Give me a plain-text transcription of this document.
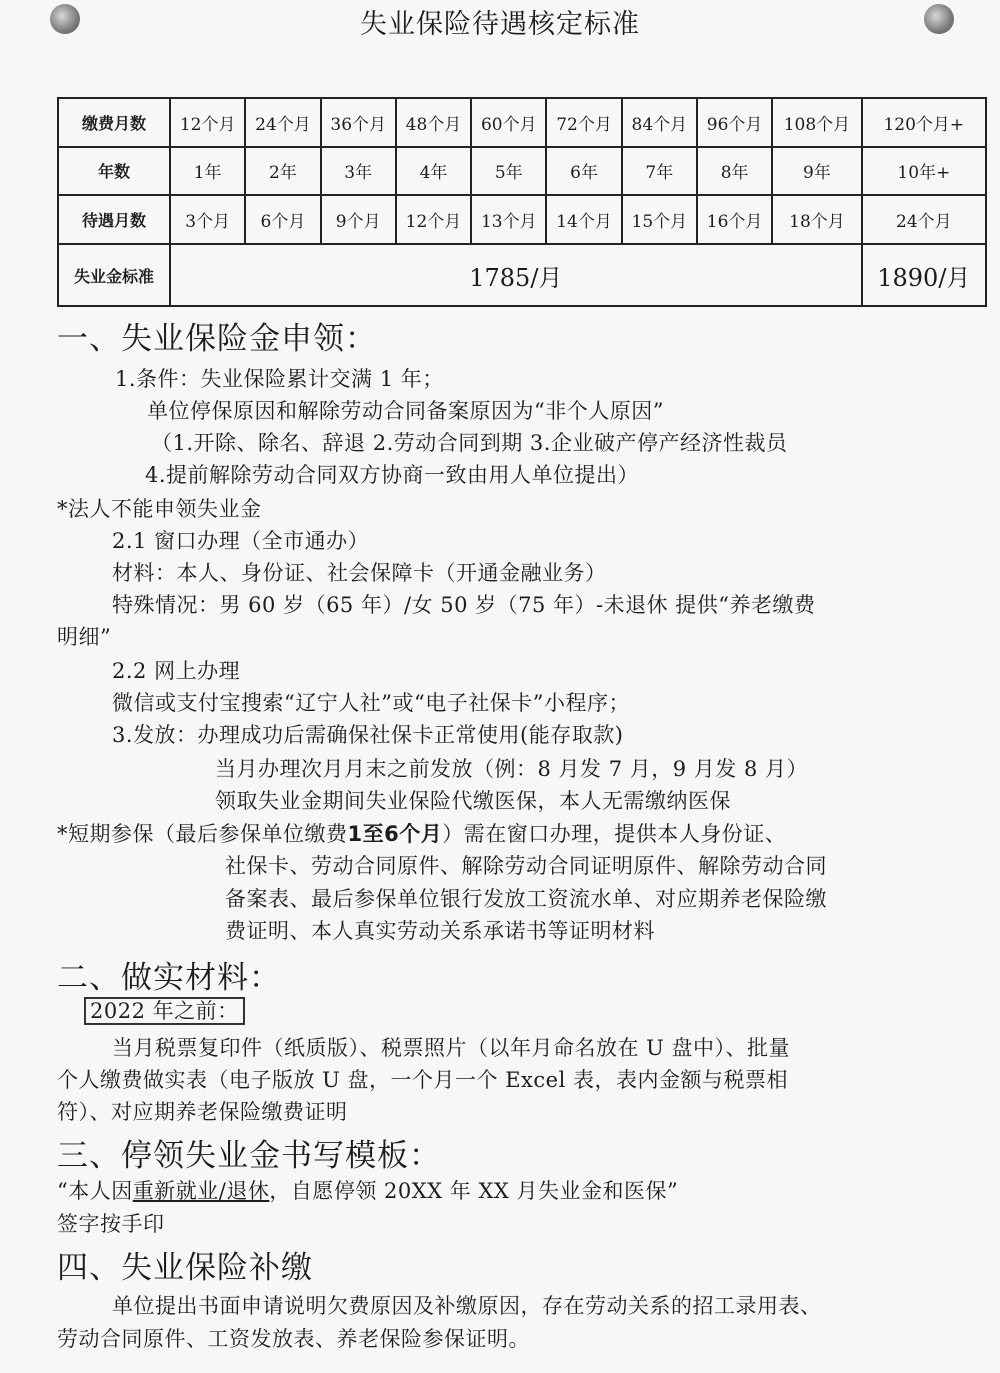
失业保险待遇核定标准
缴费月数	12个月	24个月	36个月	48个月	60个月	72个月	84个月	96个月	108个月	120个月+
年数	1年	2年	3年	4年	5年	6年	7年	8年	9年	10年+
待遇月数	3个月	6个月	9个月	12个月	13个月	14个月	15个月	16个月	18个月	24个月
失业金标准	1785/月									1890/月
一、失业保险金申领：
1.条件：失业保险累计交满 1 年；
单位停保原因和解除劳动合同备案原因为“非个人原因”
（1.开除、除名、辞退 2.劳动合同到期 3.企业破产停产经济性裁员
4.提前解除劳动合同双方协商一致由用人单位提出）
*法人不能申领失业金
2.1 窗口办理（全市通办）
材料：本人、身份证、社会保障卡（开通金融业务）
特殊情况：男 60 岁（65 年）/女 50 岁（75 年）-未退休 提供“养老缴费
明细”
2.2 网上办理
微信或支付宝搜索“辽宁人社”或“电子社保卡”小程序；
3.发放：办理成功后需确保社保卡正常使用(能存取款)
当月办理次月月末之前发放（例：8 月发 7 月，9 月发 8 月）
领取失业金期间失业保险代缴医保，本人无需缴纳医保
*短期参保（最后参保单位缴费1至6个月）需在窗口办理，提供本人身份证、
社保卡、劳动合同原件、解除劳动合同证明原件、解除劳动合同
备案表、最后参保单位银行发放工资流水单、对应期养老保险缴
费证明、本人真实劳动关系承诺书等证明材料
二、做实材料：
2022 年之前：
当月税票复印件（纸质版）、税票照片（以年月命名放在 U 盘中）、批量
个人缴费做实表（电子版放 U 盘，一个月一个 Excel 表，表内金额与税票相
符）、对应期养老保险缴费证明
三、停领失业金书写模板：
“本人因重新就业/退休，自愿停领 20XX 年 XX 月失业金和医保”
签字按手印
四、失业保险补缴
单位提出书面申请说明欠费原因及补缴原因，存在劳动关系的招工录用表、
劳动合同原件、工资发放表、养老保险参保证明。
